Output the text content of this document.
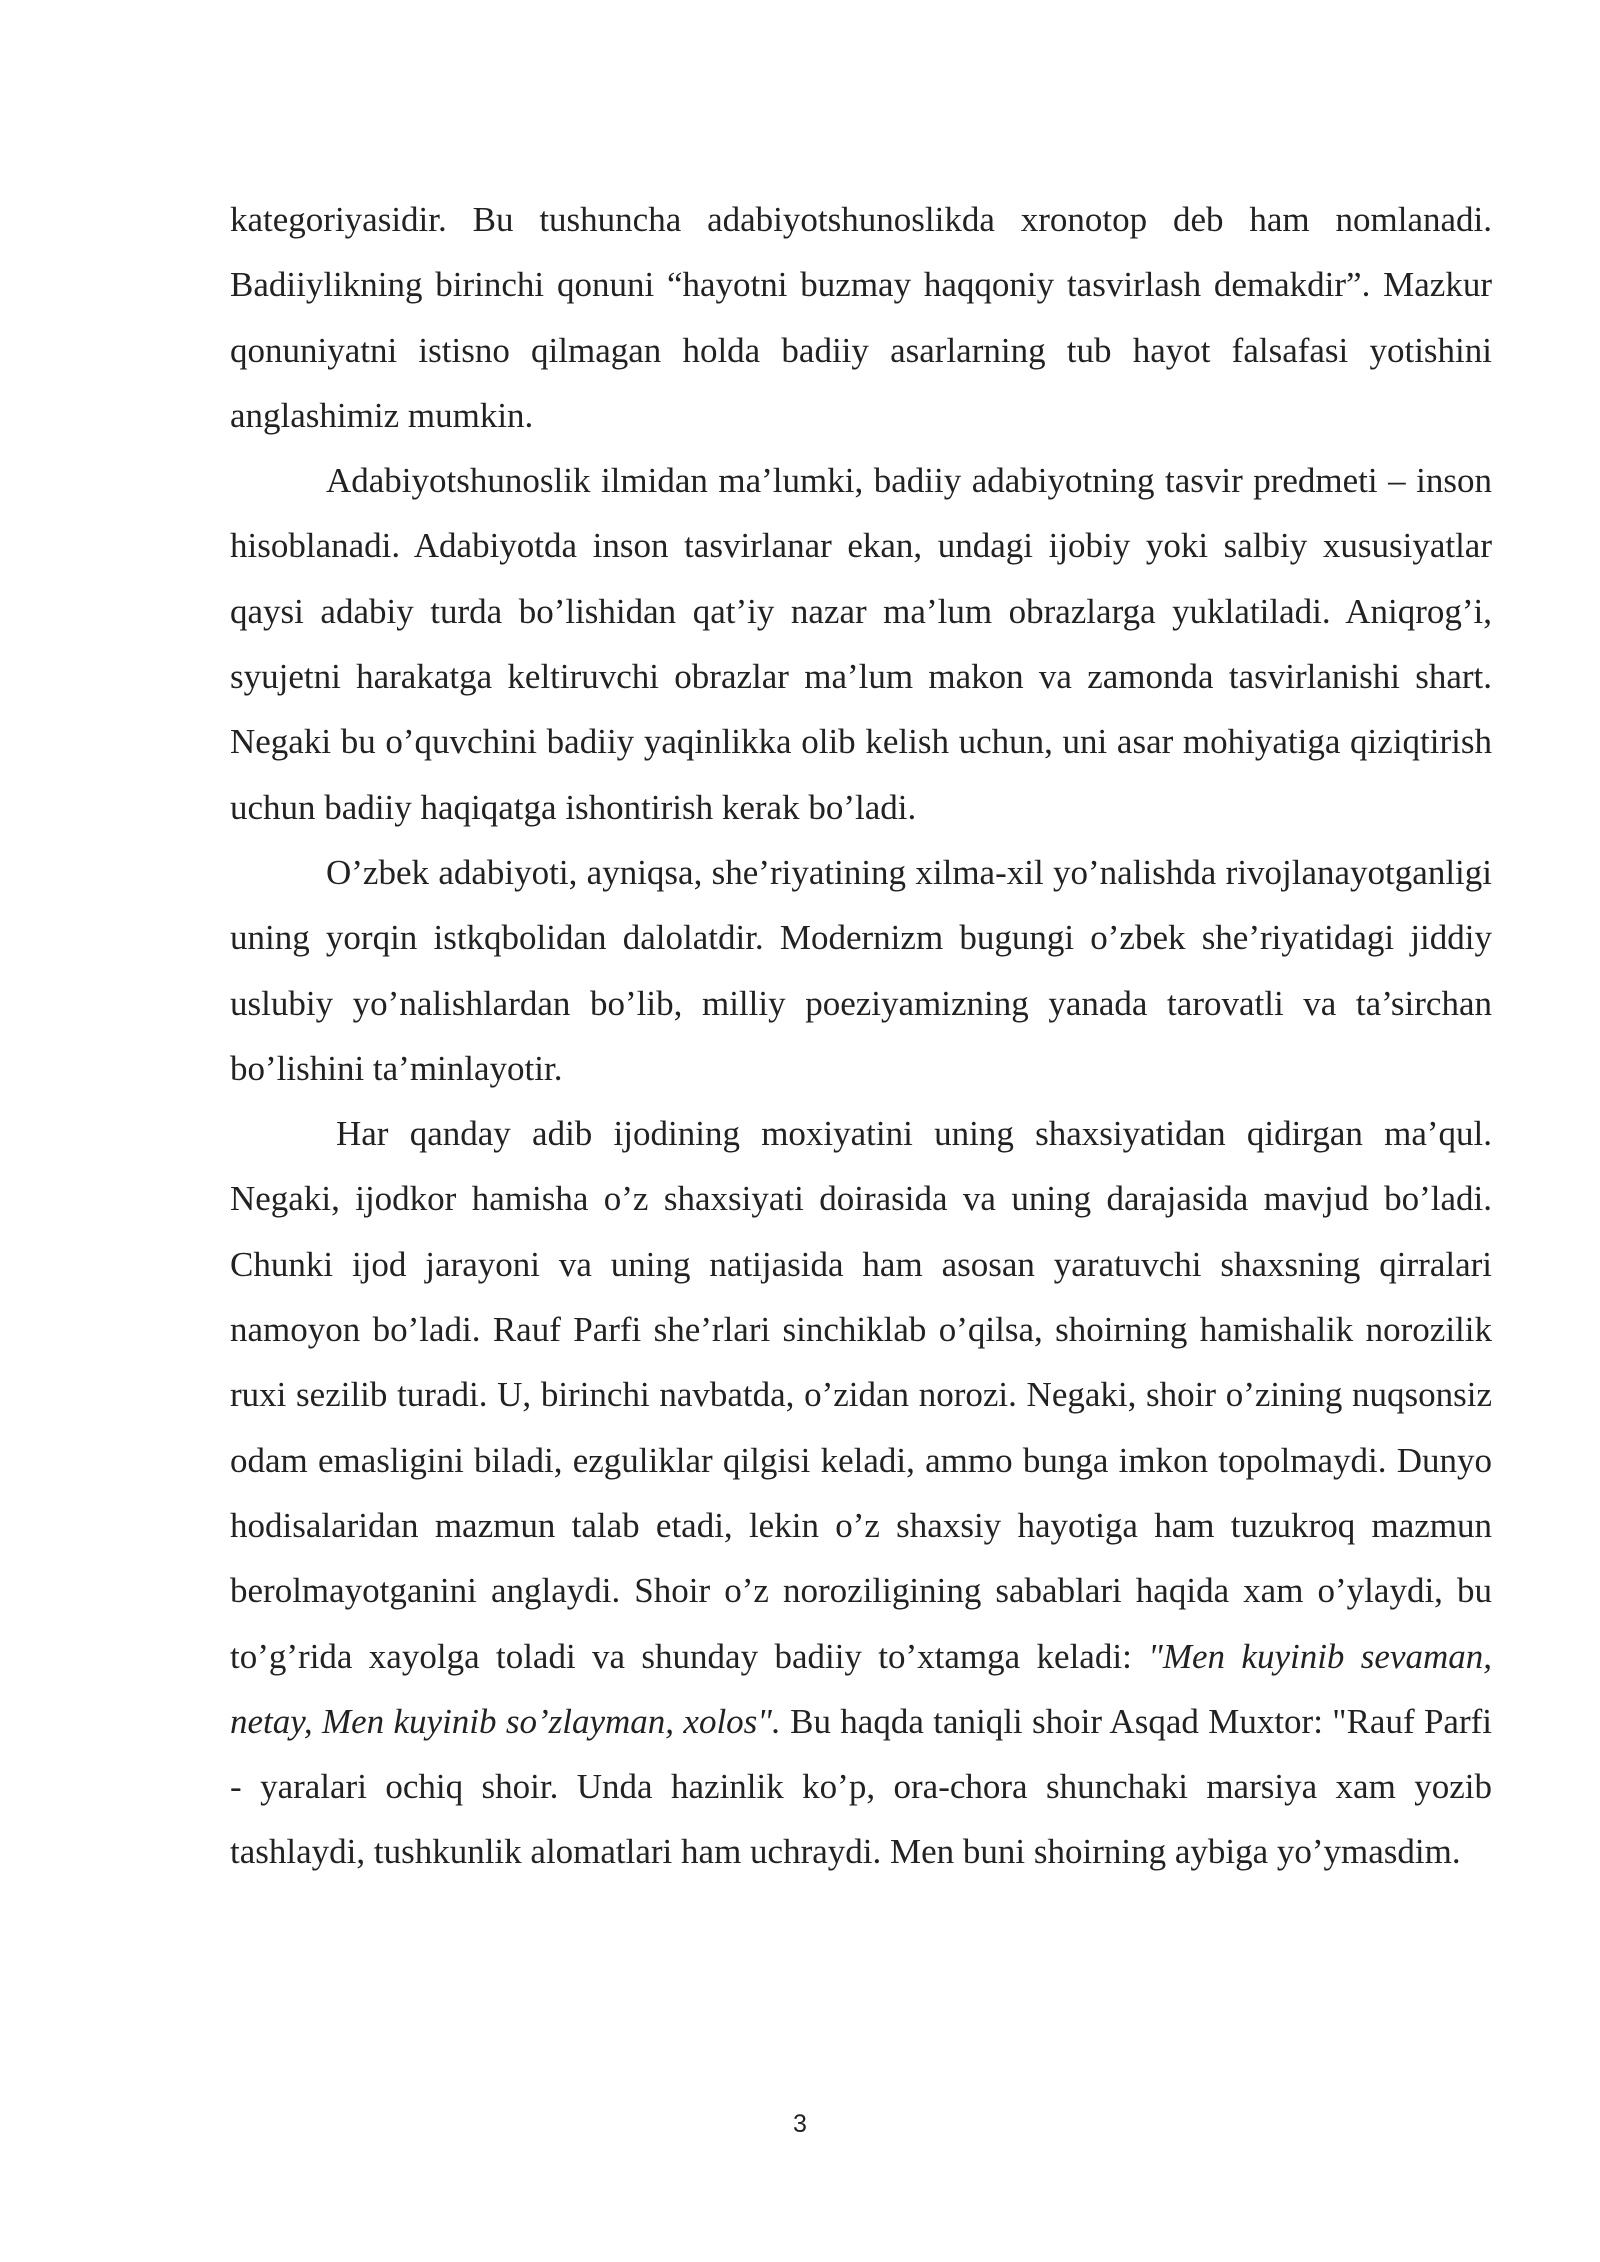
kategoriyasidir. Bu tushuncha adabiyotshunoslikda xronotop deb ham nomlanadi. Badiiylikning birinchi qonuni “hayotni buzmay haqqoniy tasvirlash demakdir”. Mazkur qonuniyatni istisno qilmagan holda badiiy asarlarning tub hayot falsafasi yotishini anglashimiz mumkin.

Adabiyotshunoslik ilmidan ma’lumki, badiiy adabiyotning tasvir predmeti – inson hisoblanadi. Adabiyotda inson tasvirlanar ekan, undagi ijobiy yoki salbiy xususiyatlar qaysi adabiy turda bo’lishidan qat’iy nazar ma’lum obrazlarga yuklatiladi. Aniqrog’i, syujetni harakatga keltiruvchi obrazlar ma’lum makon va zamonda tasvirlanishi shart. Negaki bu o’quvchini badiiy yaqinlikka olib kelish uchun, uni asar mohiyatiga qiziqtirish uchun badiiy haqiqatga ishontirish kerak bo’ladi.

O’zbek adabiyoti, ayniqsa, she’riyatining xilma-xil yo’nalishda rivojlanayotganligi uning yorqin istkqbolidan dalolatdir. Modernizm bugungi o’zbek she’riyatidagi jiddiy uslubiy yo’nalishlardan bo’lib, milliy poeziyamizning yanada tarovatli va ta’sirchan bo’lishini ta’minlayotir.

Har qanday adib ijodining moxiyatini uning shaxsiyatidan qidirgan ma’qul. Negaki, ijodkor hamisha o’z shaxsiyati doirasida va uning darajasida mavjud bo’ladi. Chunki ijod jarayoni va uning natijasida ham asosan yaratuvchi shaxsning qirralari namoyon bo’ladi. Rauf Parfi she’rlari sinchiklab o’qilsa, shoirning hamishalik norozilik ruxi sezilib turadi. U, birinchi navbatda, o’zidan norozi. Negaki, shoir o’zining nuqsonsiz odam emasligini biladi, ezguliklar qilgisi keladi, ammo bunga imkon topolmaydi. Dunyo hodisalaridan mazmun talab etadi, lekin o’z shaxsiy hayotiga ham tuzukroq mazmun berolmayotganini anglaydi. Shoir o’z noroziligining sabablari haqida xam o’ylaydi, bu to’g’rida xayolga toladi va shunday badiiy to’xtamga keladi: "Men kuyinib sevaman, netay, Men kuyinib so’zlayman, xolos". Bu haqda taniqli shoir Asqad Muxtor: "Rauf Parfi - yaralari ochiq shoir. Unda hazinlik ko’p, ora-chora shunchaki marsiya xam yozib tashlaydi, tushkunlik alomatlari ham uchraydi. Men buni shoirning aybiga yo’ymasdim.

3
